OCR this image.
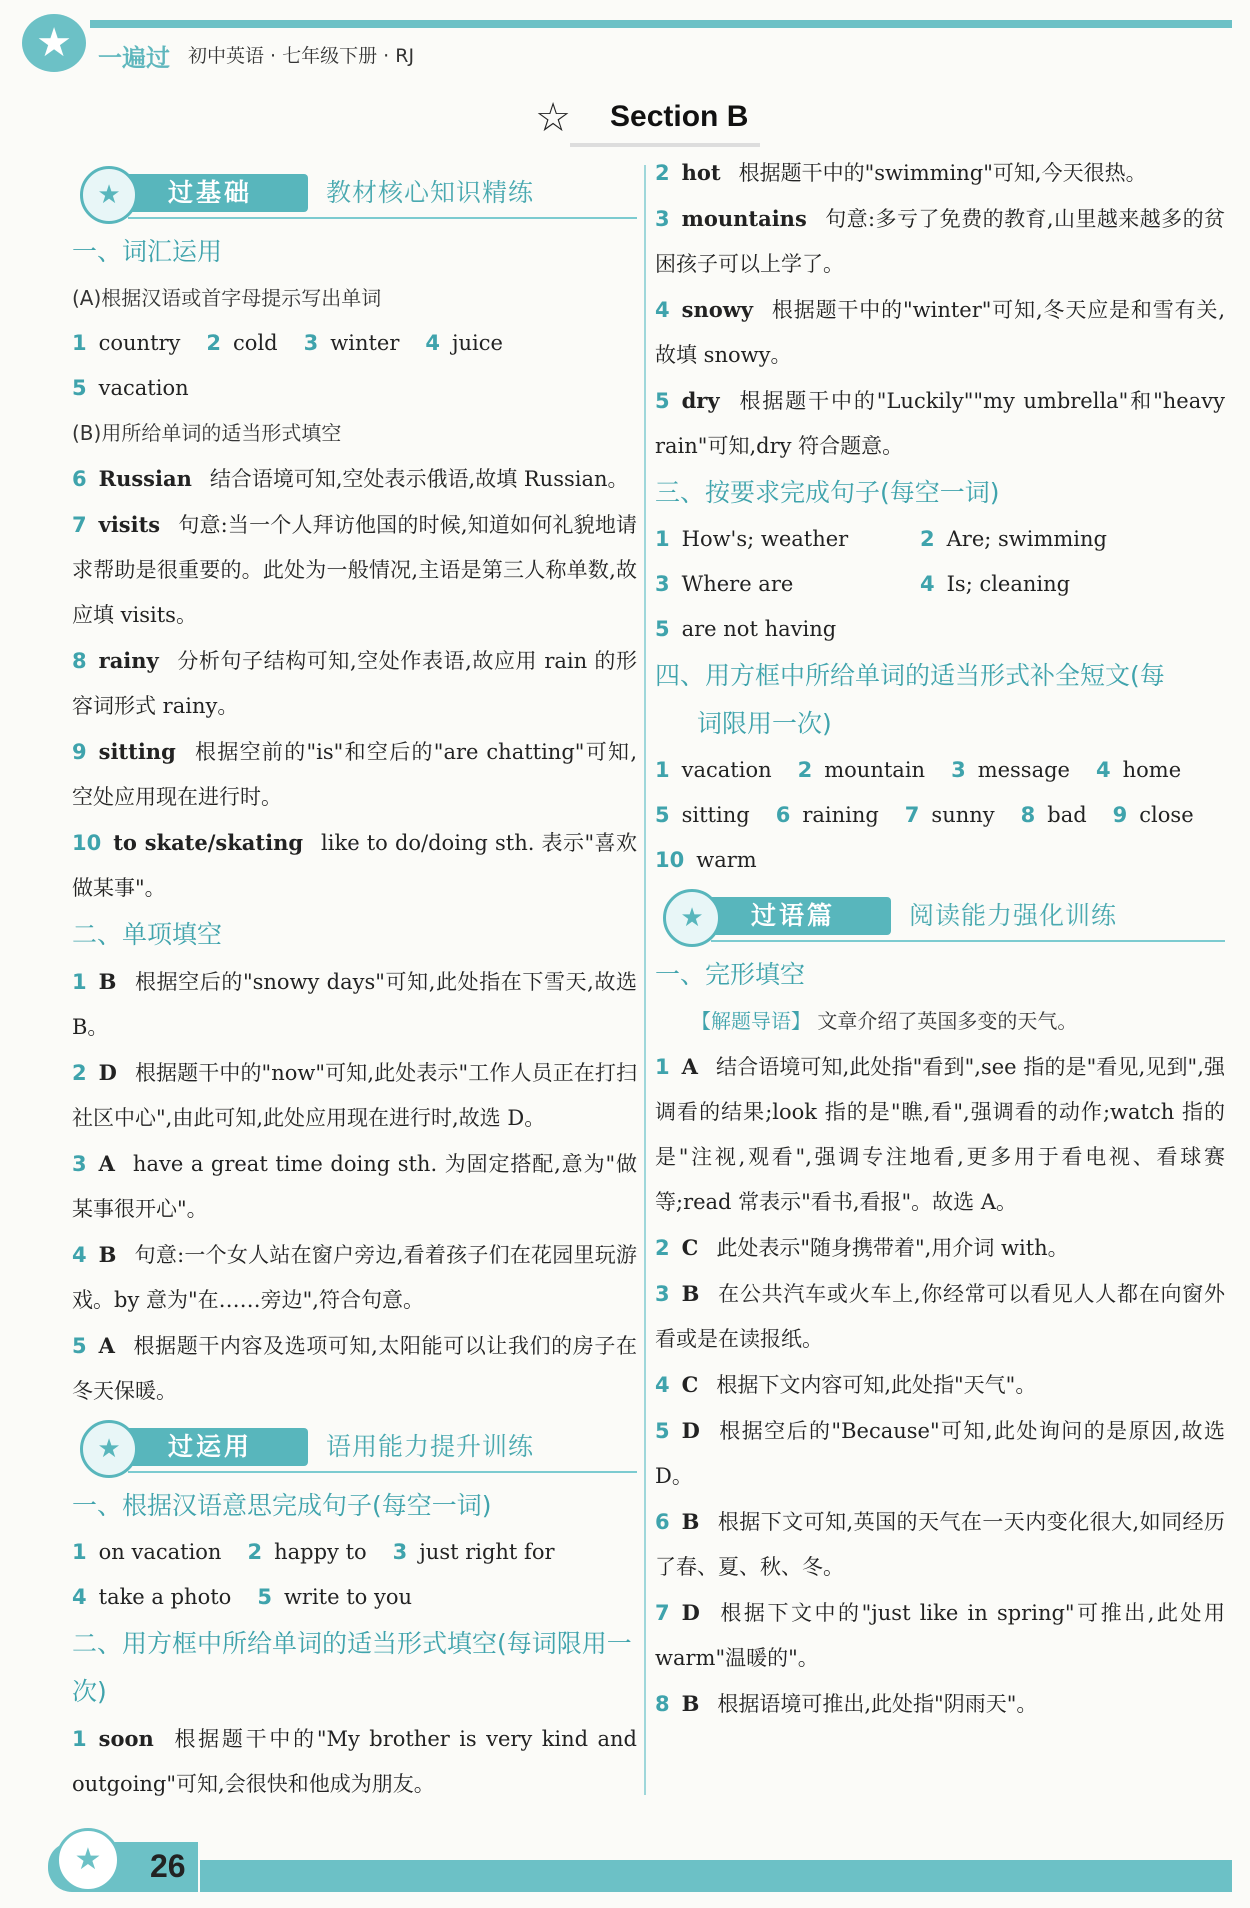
★	一遍过 初中英语 · 七年级下册 · RJ
☆ Section B
过基础
★	教材核心知识精练
一、词汇运用
(A)根据汉语或首字母提示写出单词
1 country 2 cold 3 winter 4 juice
5 vacation
(B)用所给单词的适当形式填空
6 Russian 结合语境可知,空处表示俄语,故填 Russian。
7 visits 句意:当一个人拜访他国的时候,知道如何礼貌地请求帮助是很重要的。此处为一般情况,主语是第三人称单数,故应填 visits。
8 rainy 分析句子结构可知,空处作表语,故应用 rain 的形容词形式 rainy。
9 sitting 根据空前的"is"和空后的"are chatting"可知,空处应用现在进行时。
10 to skate/skating like to do/doing sth. 表示"喜欢做某事"。
二、单项填空
1 B 根据空后的"snowy days"可知,此处指在下雪天,故选 B。
2 D 根据题干中的"now"可知,此处表示"工作人员正在打扫社区中心",由此可知,此处应用现在进行时,故选 D。
3 A have a great time doing sth. 为固定搭配,意为"做某事很开心"。
4 B 句意:一个女人站在窗户旁边,看着孩子们在花园里玩游戏。by 意为"在……旁边",符合句意。
5 A 根据题干内容及选项可知,太阳能可以让我们的房子在冬天保暖。
过运用
★	语用能力提升训练
一、根据汉语意思完成句子(每空一词)
1 on vacation 2 happy to 3 just right for
4 take a photo 5 write to you
二、用方框中所给单词的适当形式填空(每词限用一次)
1 soon 根据题干中的"My brother is very kind and outgoing"可知,会很快和他成为朋友。
2 hot 根据题干中的"swimming"可知,今天很热。
3 mountains 句意:多亏了免费的教育,山里越来越多的贫困孩子可以上学了。
4 snowy 根据题干中的"winter"可知,冬天应是和雪有关,故填 snowy。
5 dry 根据题干中的"Luckily""my umbrella"和"heavy rain"可知,dry 符合题意。
三、按要求完成句子(每空一词)
1 How's; weather	2 Are; swimming
3 Where are	4 Is; cleaning
5 are not having
四、用方框中所给单词的适当形式补全短文(每
词限用一次)
1 vacation 2 mountain 3 message 4 home
5 sitting 6 raining 7 sunny 8 bad 9 close
10 warm
过语篇
★	阅读能力强化训练
一、完形填空
【解题导语】 文章介绍了英国多变的天气。
1 A 结合语境可知,此处指"看到",see 指的是"看见,见到",强调看的结果;look 指的是"瞧,看",强调看的动作;watch 指的是"注视,观看",强调专注地看,更多用于看电视、看球赛等;read 常表示"看书,看报"。故选 A。
2 C 此处表示"随身携带着",用介词 with。
3 B 在公共汽车或火车上,你经常可以看见人人都在向窗外看或是在读报纸。
4 C 根据下文内容可知,此处指"天气"。
5 D 根据空后的"Because"可知,此处询问的是原因,故选 D。
6 B 根据下文可知,英国的天气在一天内变化很大,如同经历了春、夏、秋、冬。
7 D 根据下文中的"just like in spring"可推出,此处用 warm"温暖的"。
8 B 根据语境可推出,此处指"阴雨天"。
★	26
